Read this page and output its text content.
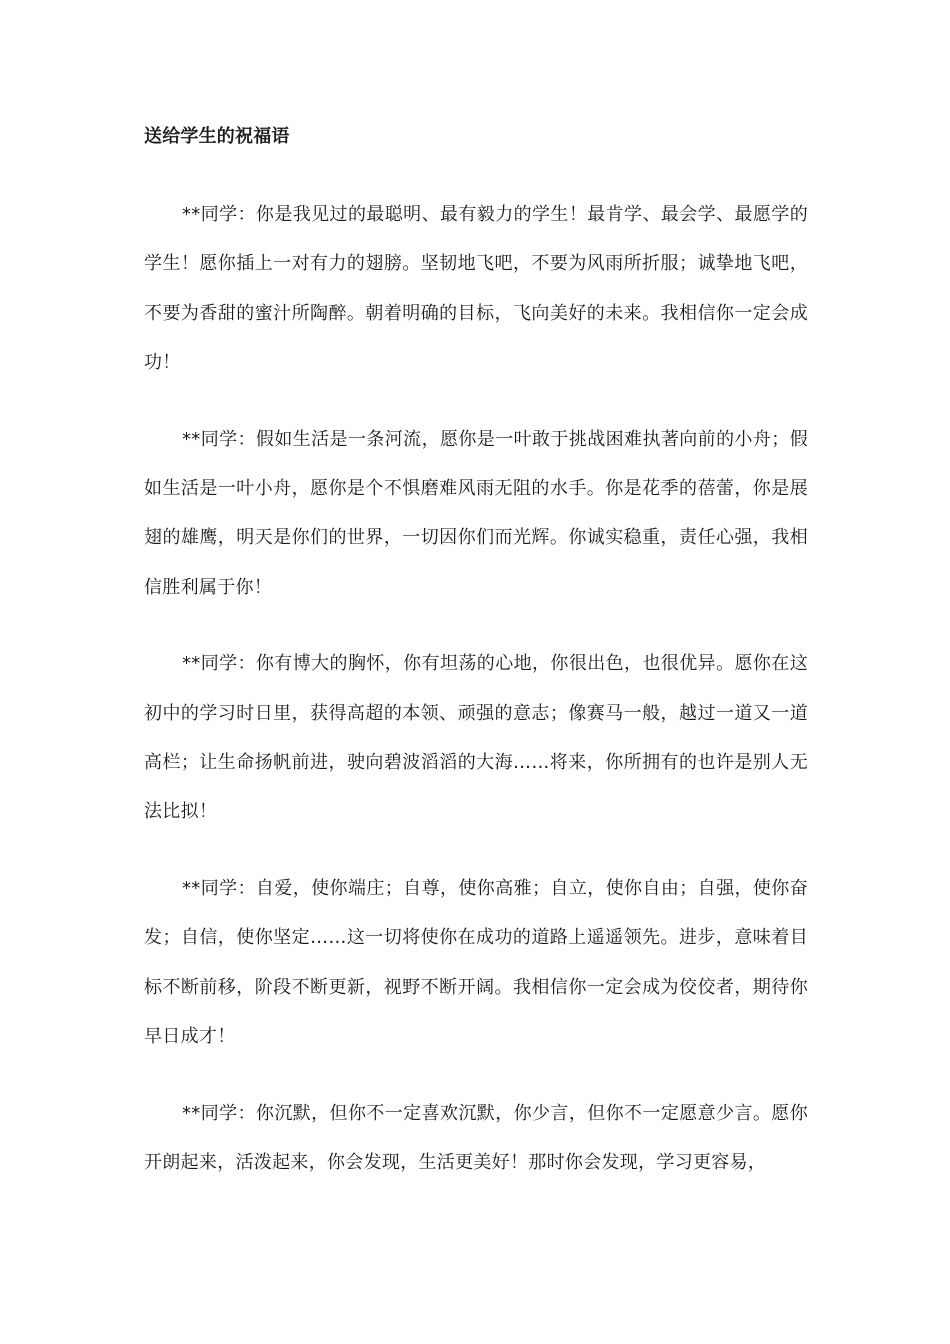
送给学生的祝福语

**同学：你是我见过的最聪明、最有毅力的学生！最肯学、最会学、最愿学的学生！愿你插上一对有力的翅膀。坚韧地飞吧，不要为风雨所折服；诚挚地飞吧，不要为香甜的蜜汁所陶醉。朝着明确的目标，飞向美好的未来。我相信你一定会成功！

**同学：假如生活是一条河流，愿你是一叶敢于挑战困难执著向前的小舟；假如生活是一叶小舟，愿你是个不惧磨难风雨无阻的水手。你是花季的蓓蕾，你是展翅的雄鹰，明天是你们的世界，一切因你们而光辉。你诚实稳重，责任心强，我相信胜利属于你！

**同学：你有博大的胸怀，你有坦荡的心地，你很出色，也很优异。愿你在这初中的学习时日里，获得高超的本领、顽强的意志；像赛马一般，越过一道又一道高栏；让生命扬帆前进，驶向碧波滔滔的大海……将来，你所拥有的也许是别人无法比拟！

**同学：自爱，使你端庄；自尊，使你高雅；自立，使你自由；自强，使你奋发；自信，使你坚定……这一切将使你在成功的道路上遥遥领先。进步，意味着目标不断前移，阶段不断更新，视野不断开阔。我相信你一定会成为佼佼者，期待你早日成才！

**同学：你沉默，但你不一定喜欢沉默，你少言，但你不一定愿意少言。愿你开朗起来，活泼起来，你会发现，生活更美好！那时你会发现，学习更容易，
